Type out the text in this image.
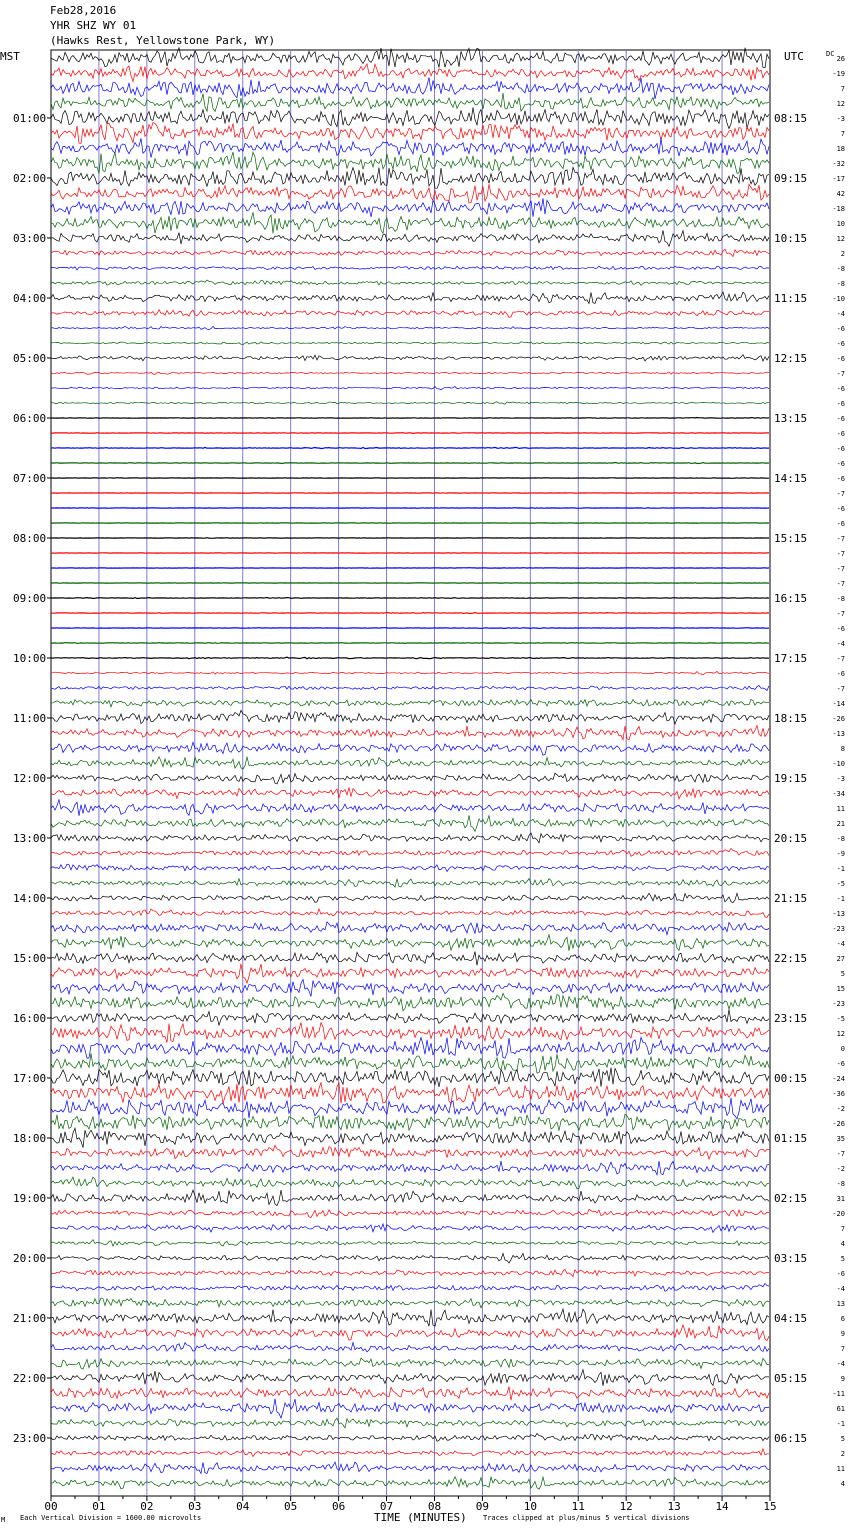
Feb28,2016
YHR SHZ WY 01
(Hawks Rest, Yellowstone Park, WY)
MST	UTC	DC
01:00
02:00
03:00
04:00
05:00
06:00
07:00
08:00
09:00
10:00
11:00
12:00
13:00
14:00
15:00
16:00
17:00
18:00
19:00
20:00
21:00
22:00
23:00
08:15
09:15
10:15
11:15
12:15
13:15
14:15
15:15
16:15
17:15
18:15
19:15
20:15
21:15
22:15
23:15
00:15
01:15
02:15
03:15
04:15
05:15
06:15
26
-19
7
12
-3
7
18
-32
-17
42
-18
10
12
2
-8
-8
-10
-4
-6
-6
-6
-7
-6
-6
-6
-6
-6
-6
-6
-7
-6
-6
-7
-7
-7
-7
-8
-7
-6
-4
-7
-6
-7
-14
-26
-13
8
-10
-3
-34
11
21
-8
-9
-1
-5
-1
-13
-23
-4
27
5
15
-23
-5
12
0
-6
-24
-36
-2
-26
35
-7
-2
-8
31
-20
7
4
5
-6
-4
13
6
9
7
-4
9
-11
61
-1
5
2
11
4
00	01	02	03	04	05	06	07	08	09	10	11	12	13	14	15
M Each Vertical Division = 1600.00 microvolts	TIME (MINUTES) Traces clipped at plus/minus 5 vertical divisions
